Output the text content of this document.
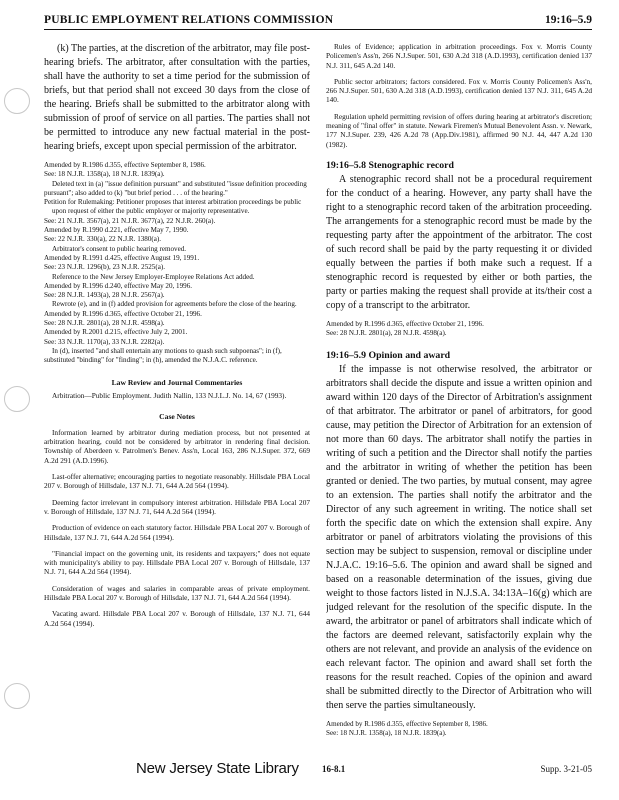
PUBLIC EMPLOYMENT RELATIONS COMMISSION	19:16–5.9

(k) The parties, at the discretion of the arbitrator, may file post-hearing briefs. The arbitrator, after consultation with the parties, shall have the authority to set a time period for the submission of briefs, but that period shall not exceed 30 days from the close of the hearing. Briefs shall be submitted to the arbitrator along with submission of proof of service on all parties. The parties shall not be permitted to introduce any new factual material in the post-hearing briefs, except upon special permission of the arbitrator.

Amended by R.1986 d.355, effective September 8, 1986.

See: 18 N.J.R. 1358(a), 18 N.J.R. 1839(a).

Deleted text in (a) "issue definition pursuant" and substituted "issue definition proceeding pursuant"; also added to (k) "but brief period . . . of the hearing."

Petition for Rulemaking: Petitioner proposes that interest arbitration proceedings be public upon request of either the public employer or majority representative.

See: 21 N.J.R. 3567(a), 21 N.J.R. 3677(a), 22 N.J.R. 260(a).

Amended by R.1990 d.221, effective May 7, 1990.

See: 22 N.J.R. 330(a), 22 N.J.R. 1380(a).

Arbitrator's consent to public hearing removed.

Amended by R.1991 d.425, effective August 19, 1991.

See: 23 N.J.R. 1296(b), 23 N.J.R. 2525(a).

Reference to the New Jersey Employer-Employee Relations Act added.

Amended by R.1996 d.240, effective May 20, 1996.

See: 28 N.J.R. 1493(a), 28 N.J.R. 2567(a).

Rewrote (e), and in (f) added provision for agreements before the close of the hearing.

Amended by R.1996 d.365, effective October 21, 1996.

See: 28 N.J.R. 2801(a), 28 N.J.R. 4598(a).

Amended by R.2001 d.215, effective July 2, 2001.

See: 33 N.J.R. 1170(a), 33 N.J.R. 2282(a).

In (d), inserted "and shall entertain any motions to quash such subpoenas"; in (f), substituted "binding" for "finding"; in (h), amended the N.J.A.C. reference.

Law Review and Journal Commentaries

Arbitration—Public Employment. Judith Nallin, 133 N.J.L.J. No. 14, 67 (1993).

Case Notes

Information learned by arbitrator during mediation process, but not presented at arbitration hearing, could not be considered by arbitrator in rendering final decision. Township of Aberdeen v. Patrolmen's Benev. Ass'n, Local 163, 286 N.J.Super. 372, 669 A.2d 291 (A.D.1996).

Last-offer alternative; encouraging parties to negotiate reasonably. Hillsdale PBA Local 207 v. Borough of Hillsdale, 137 N.J. 71, 644 A.2d 564 (1994).

Deeming factor irrelevant in compulsory interest arbitration. Hillsdale PBA Local 207 v. Borough of Hillsdale, 137 N.J. 71, 644 A.2d 564 (1994).

Production of evidence on each statutory factor. Hillsdale PBA Local 207 v. Borough of Hillsdale, 137 N.J. 71, 644 A.2d 564 (1994).

"Financial impact on the governing unit, its residents and taxpayers;" does not equate with municipality's ability to pay. Hillsdale PBA Local 207 v. Borough of Hillsdale, 137 N.J. 71, 644 A.2d 564 (1994).

Consideration of wages and salaries in comparable areas of private employment. Hillsdale PBA Local 207 v. Borough of Hillsdale, 137 N.J. 71, 644 A.2d 564 (1994).

Vacating award. Hillsdale PBA Local 207 v. Borough of Hillsdale, 137 N.J. 71, 644 A.2d 564 (1994).

Rules of Evidence; application in arbitration proceedings. Fox v. Morris County Policemen's Ass'n, 266 N.J.Super. 501, 630 A.2d 318 (A.D.1993), certification denied 137 N.J. 311, 645 A.2d 140.

Public sector arbitrators; factors considered. Fox v. Morris County Policemen's Ass'n, 266 N.J.Super. 501, 630 A.2d 318 (A.D.1993), certification denied 137 N.J. 311, 645 A.2d 140.

Regulation upheld permitting revision of offers during hearing at arbitrator's discretion; meaning of "final offer" in statute. Newark Firemen's Mutual Benevolent Assn. v. Newark, 177 N.J.Super. 239, 426 A.2d 78 (App.Div.1981), affirmed 90 N.J. 44, 447 A.2d 130 (1982).

19:16–5.8 Stenographic record

A stenographic record shall not be a procedural requirement for the conduct of a hearing. However, any party shall have the right to a stenographic record taken of the arbitration proceeding. The arrangements for a stenographic record must be made by the requesting party after the appointment of the arbitrator. The cost of such record shall be paid by the party requesting it or divided equally between the parties if both make such a request. If a stenographic record is requested by either or both parties, the party or parties making the request shall provide at its/their cost a copy of a transcript to the arbitrator.

Amended by R.1996 d.365, effective October 21, 1996.

See: 28 N.J.R. 2801(a), 28 N.J.R. 4598(a).

19:16–5.9 Opinion and award

If the impasse is not otherwise resolved, the arbitrator or arbitrators shall decide the dispute and issue a written opinion and award within 120 days of the Director of Arbitration's assignment of that arbitrator. The arbitrator or panel of arbitrators, for good cause, may petition the Director of Arbitration for an extension of not more than 60 days. The arbitrator shall notify the parties in writing of such a petition and the Director shall notify the parties and the arbitrator in writing of whether the petition has been granted or denied. The two parties, by mutual consent, may agree to an extension. The parties shall notify the arbitrator and the Director of any such agreement in writing. The notice shall set forth the specific date on which the extension shall expire. Any arbitrator or panel of arbitrators violating the provisions of this section may be subject to suspension, removal or discipline under N.J.A.C. 19:16–5.6. The opinion and award shall be signed and based on a reasonable determination of the issues, giving due weight to those factors listed in N.J.S.A. 34:13A–16(g) which are judged relevant for the resolution of the specific dispute. In the award, the arbitrator or panel of arbitrators shall indicate which of the factors are deemed relevant, satisfactorily explain why the others are not relevant, and provide an analysis of the evidence on each relevant factor. The opinion and award shall set forth the reasons for the result reached. Copies of the opinion and award shall be submitted directly to the Director of Arbitration who will then serve the parties simultaneously.

Amended by R.1986 d.355, effective September 8, 1986.

See: 18 N.J.R. 1358(a), 18 N.J.R. 1839(a).

New Jersey State Library	16-8.1	Supp. 3-21-05
